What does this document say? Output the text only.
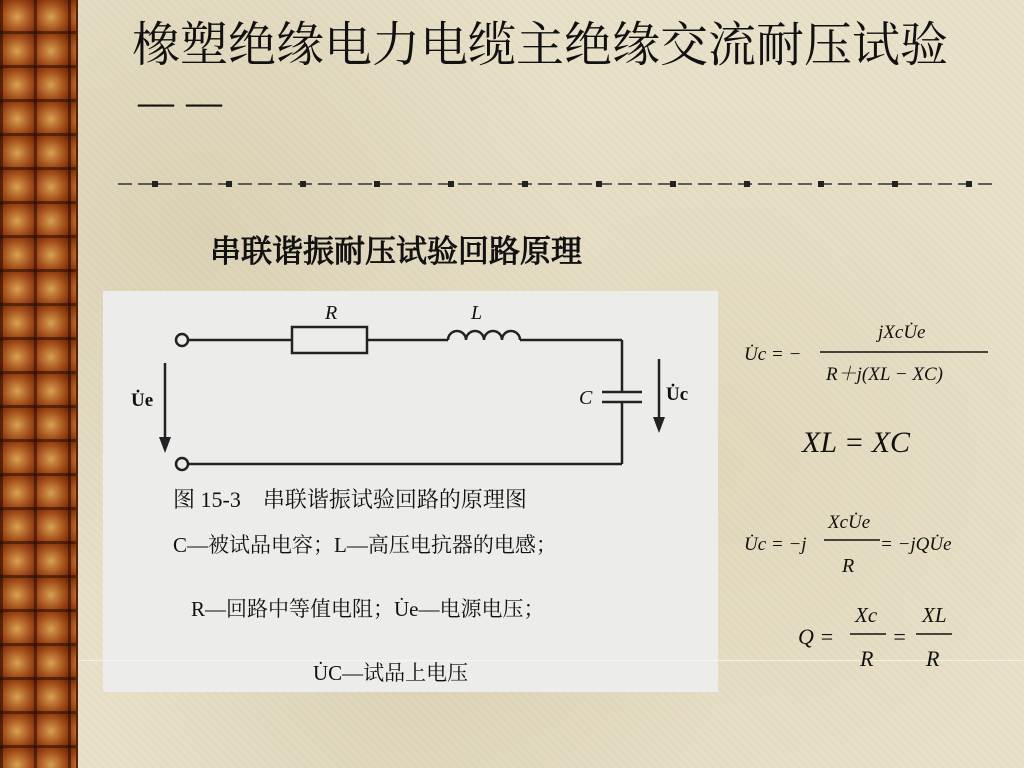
橡塑绝缘电力电缆主绝缘交流耐压试验－－
串联谐振耐压试验回路原理
R	L
C
U̇e	U̇c
图 15-3　串联谐振试验回路的原理图
C—被试品电容；L—高压电抗器的电感；
R—回路中等值电阻；U̇e—电源电压；
U̇C—试品上电压
U̇c = −
jXcU̇e
R＋j(XL − XC)
XL = XC
U̇c = −j
XcU̇e
R
= −jQU̇e
Q =
Xc
R
=
XL
R
